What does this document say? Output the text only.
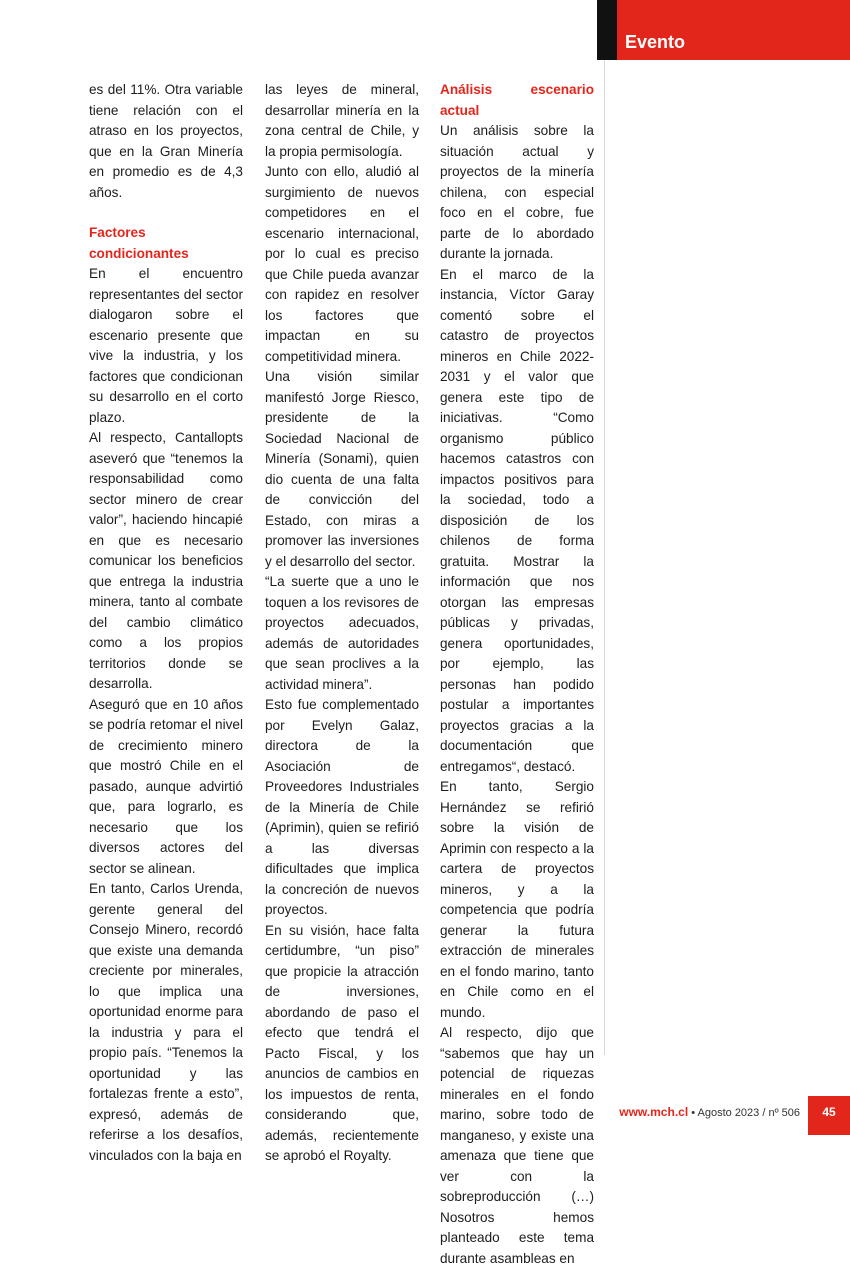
Evento

es del 11%. Otra variable tiene relación con el atraso en los proyectos, que en la Gran Minería en promedio es de 4,3 años.

Factores condicionantes

En el encuentro representantes del sector dialogaron sobre el escenario presente que vive la industria, y los factores que condicionan su desarrollo en el corto plazo.

Al respecto, Cantallopts aseveró que “tenemos la responsabilidad como sector minero de crear valor”, haciendo hincapié en que es necesario comunicar los beneficios que entrega la industria minera, tanto al combate del cambio climático como a los propios territorios donde se desarrolla.

Aseguró que en 10 años se podría retomar el nivel de crecimiento minero que mostró Chile en el pasado, aunque advirtió que, para lograrlo, es necesario que los diversos actores del sector se alinean.

En tanto, Carlos Urenda, gerente general del Consejo Minero, recordó que existe una demanda creciente por minerales, lo que implica una oportunidad enorme para la industria y para el propio país. “Tenemos la oportunidad y las fortalezas frente a esto”, expresó, además de referirse a los desafíos, vinculados con la baja en

las leyes de mineral, desarrollar minería en la zona central de Chile, y la propia permisología.

Junto con ello, aludió al surgimiento de nuevos competidores en el escenario internacional, por lo cual es preciso que Chile pueda avanzar con rapidez en resolver los factores que impactan en su competitividad minera.

Una visión similar manifestó Jorge Riesco, presidente de la Sociedad Nacional de Minería (Sonami), quien dio cuenta de una falta de convicción del Estado, con miras a promover las inversiones y el desarrollo del sector.

“La suerte que a uno le toquen a los revisores de proyectos adecuados, además de autoridades que sean proclives a la actividad minera”.

Esto fue complementado por Evelyn Galaz, directora de la Asociación de Proveedores Industriales de la Minería de Chile (Aprimin), quien se refirió a las diversas dificultades que implica la concreción de nuevos proyectos.

En su visión, hace falta certidumbre, “un piso” que propicie la atracción de inversiones, abordando de paso el efecto que tendrá el Pacto Fiscal, y los anuncios de cambios en los impuestos de renta, considerando que, además, recientemente se aprobó el Royalty.

Análisis escenario actual

Un análisis sobre la situación actual y proyectos de la minería chilena, con especial foco en el cobre, fue parte de lo abordado durante la jornada.

En el marco de la instancia, Víctor Garay comentó sobre el catastro de proyectos mineros en Chile 2022-2031 y el valor que genera este tipo de iniciativas. “Como organismo público hacemos catastros con impactos positivos para la sociedad, todo a disposición de los chilenos de forma gratuita. Mostrar la información que nos otorgan las empresas públicas y privadas, genera oportunidades, por ejemplo, las personas han podido postular a importantes proyectos gracias a la documentación que entregamos“, destacó.

En tanto, Sergio Hernández se refirió sobre la visión de Aprimin con respecto a la cartera de proyectos mineros, y a la competencia que podría generar la futura extracción de minerales en el fondo marino, tanto en Chile como en el mundo.

Al respecto, dijo que “sabemos que hay un potencial de riquezas minerales en el fondo marino, sobre todo de manganeso, y existe una amenaza que tiene que ver con la sobreproducción (…) Nosotros hemos planteado este tema durante asambleas en

www.mch.cl • Agosto 2023 / nº 506	45
